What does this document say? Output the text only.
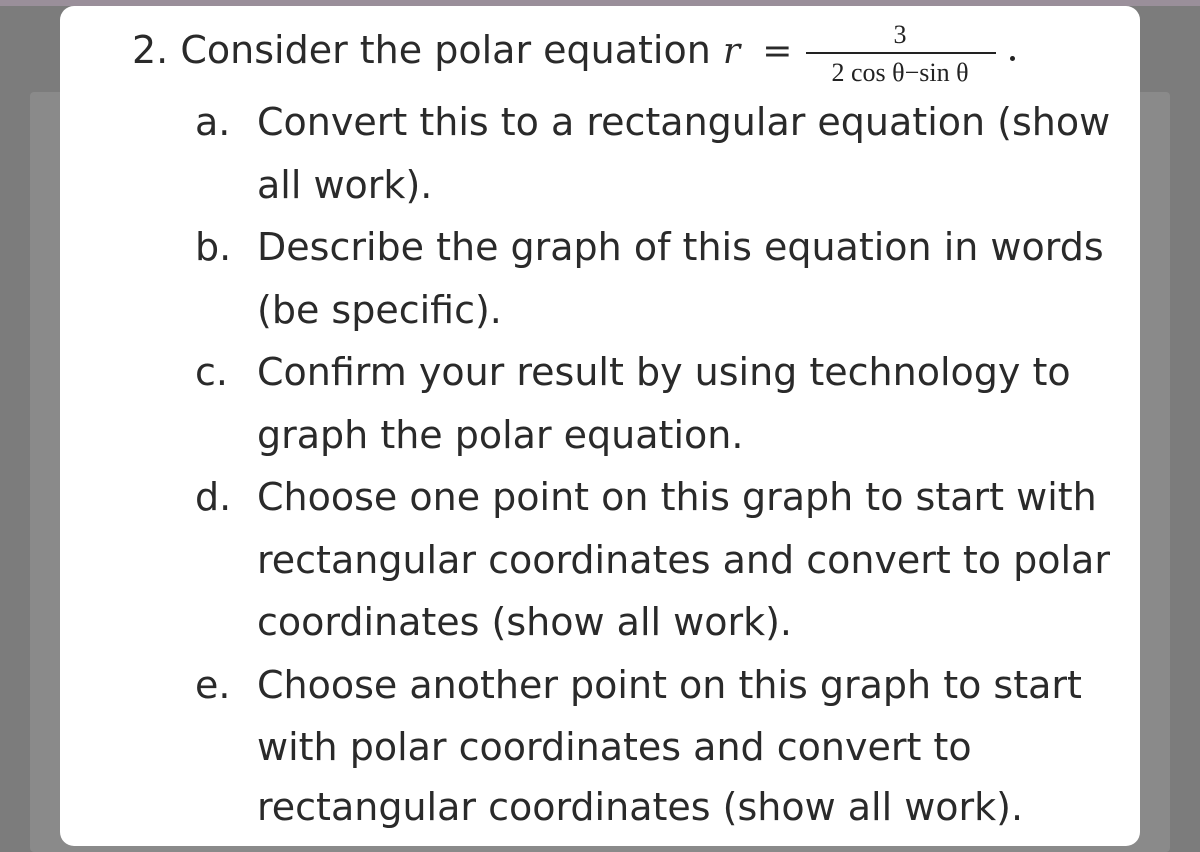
2. Consider the polar equation r =	3
2 cos θ−sin θ
a. Convert this to a rectangular equation (show
all work).
b. Describe the graph of this equation in words
(be specific).
c. Confirm your result by using technology to
graph the polar equation.
d. Choose one point on this graph to start with
rectangular coordinates and convert to polar
coordinates (show all work).
e. Choose another point on this graph to start
with polar coordinates and convert to
rectangular coordinates (show all work).
